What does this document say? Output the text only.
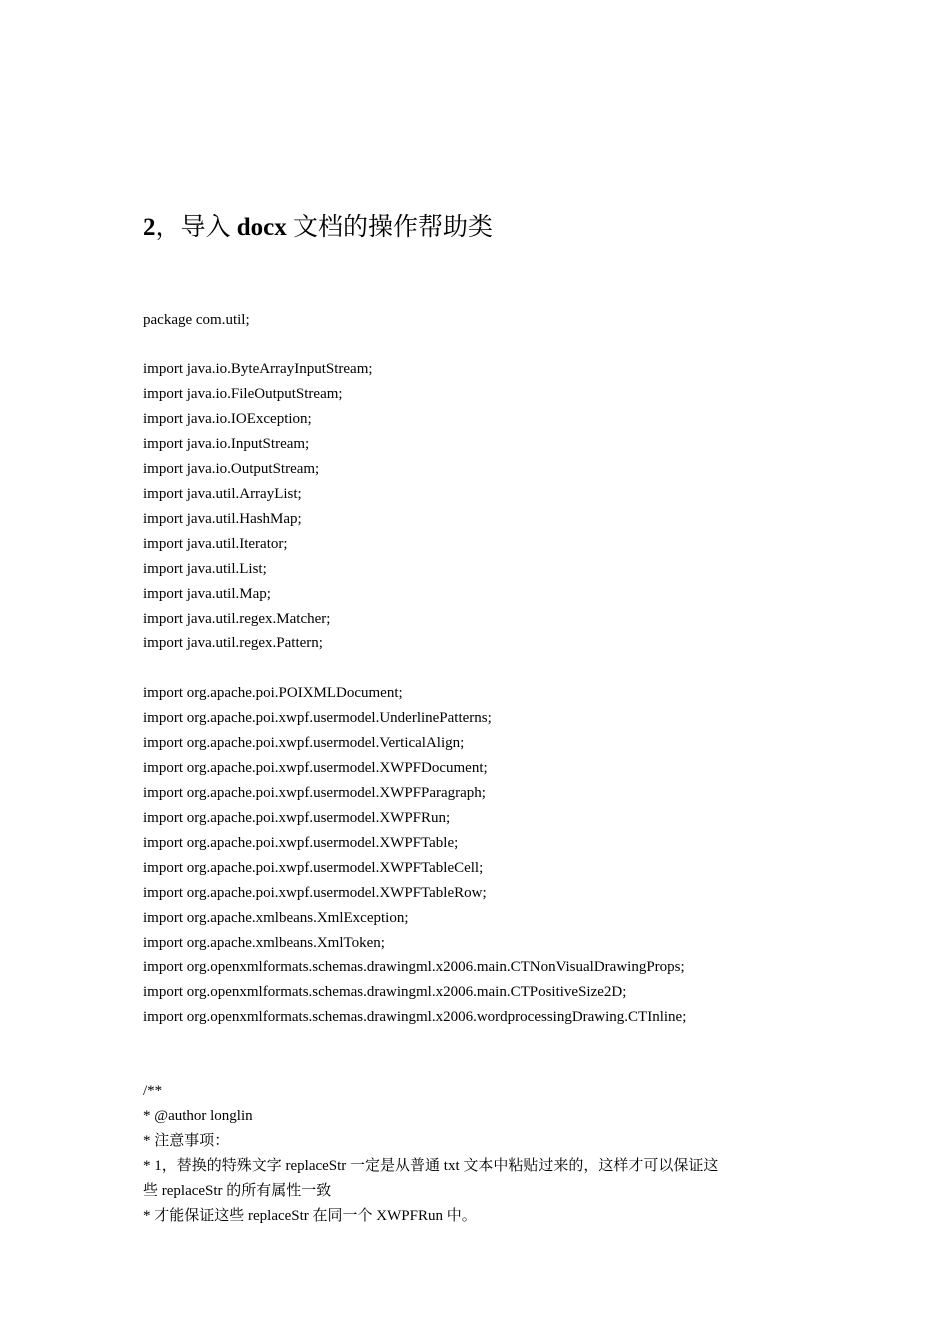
2，导入 docx 文档的操作帮助类
package com.util;
import java.io.ByteArrayInputStream;
import java.io.FileOutputStream;
import java.io.IOException;
import java.io.InputStream;
import java.io.OutputStream;
import java.util.ArrayList;
import java.util.HashMap;
import java.util.Iterator;
import java.util.List;
import java.util.Map;
import java.util.regex.Matcher;
import java.util.regex.Pattern;
import org.apache.poi.POIXMLDocument;
import org.apache.poi.xwpf.usermodel.UnderlinePatterns;
import org.apache.poi.xwpf.usermodel.VerticalAlign;
import org.apache.poi.xwpf.usermodel.XWPFDocument;
import org.apache.poi.xwpf.usermodel.XWPFParagraph;
import org.apache.poi.xwpf.usermodel.XWPFRun;
import org.apache.poi.xwpf.usermodel.XWPFTable;
import org.apache.poi.xwpf.usermodel.XWPFTableCell;
import org.apache.poi.xwpf.usermodel.XWPFTableRow;
import org.apache.xmlbeans.XmlException;
import org.apache.xmlbeans.XmlToken;
import org.openxmlformats.schemas.drawingml.x2006.main.CTNonVisualDrawingProps;
import org.openxmlformats.schemas.drawingml.x2006.main.CTPositiveSize2D;
import org.openxmlformats.schemas.drawingml.x2006.wordprocessingDrawing.CTInline;
/**
* @author longlin
* 注意事项：
* 1，替换的特殊文字 replaceStr 一定是从普通 txt 文本中粘贴过来的，这样才可以保证这
些 replaceStr 的所有属性一致
* 才能保证这些 replaceStr 在同一个 XWPFRun 中。
